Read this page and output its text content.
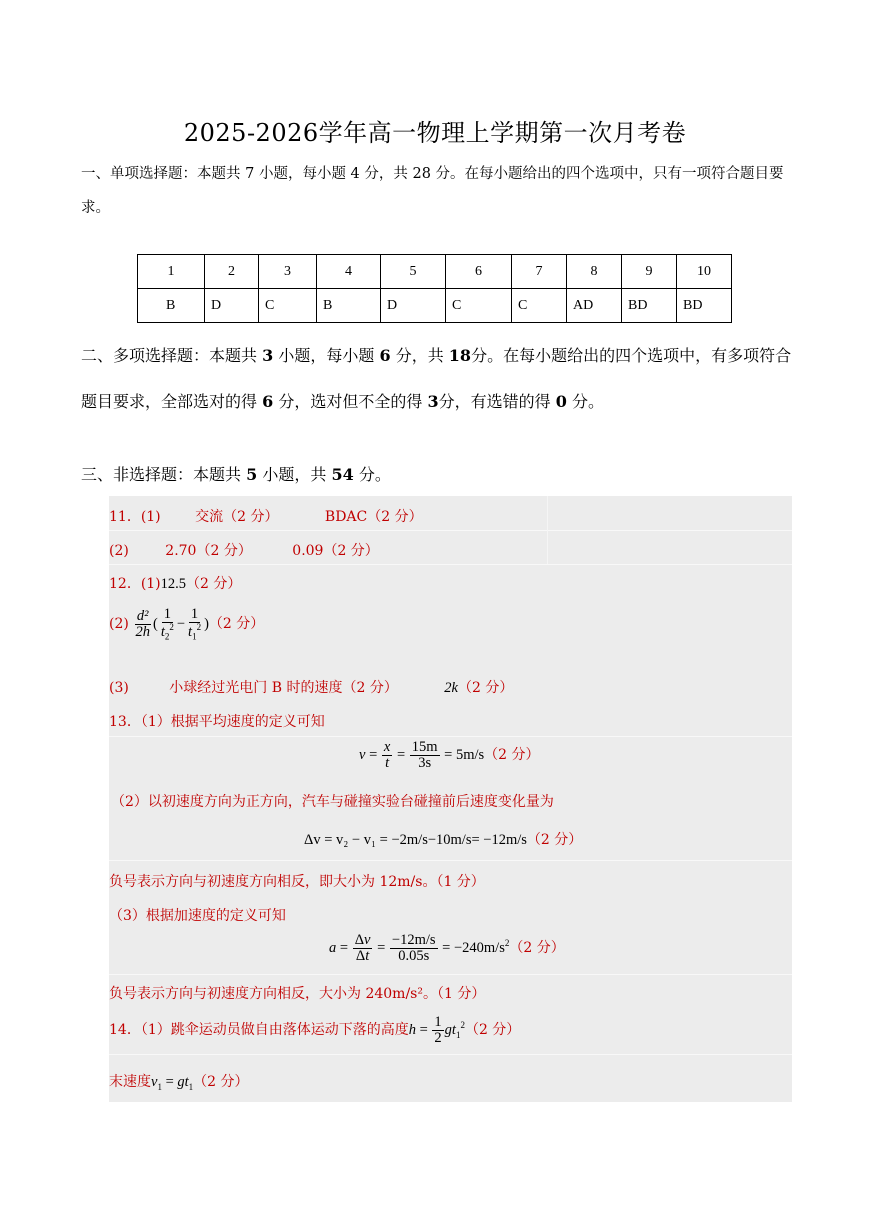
2025-2026学年高一物理上学期第一次月考卷
一、单项选择题：本题共 7 小题，每小题 4 分，共 28 分。在每小题给出的四个选项中，只有一项符合题目要求。
1	2	3	4	5	6	7	8	9	10
B	D	C	B	D	C	C	AD	BD	BD
二、多项选择题：本题共 3 小题，每小题 6 分，共 18分。在每小题给出的四个选项中，有多项符合题目要求，全部选对的得 6 分，选对但不全的得 3分，有选错的得 0 分。
三、非选择题：本题共 5 小题，共 54 分。
11．(1) 交流（2 分）	BDAC（2 分）
(2)	2.70（2 分）	0.09（2 分）
12．(1)12.5（2 分）
$(2) \frac{\text{d²}}{2h}$ ( $\frac{1}{t_2^2} - \frac{1}{t_1^2} )(2$ 分）
(3)	小球经过光电门 B 时的速度（2 分）	2k（2 分）
13．（1）根据平均速度的定义可知
$v = \frac{x}{t} = \frac{15m}{3s} = 5m/s(2$ 分）
（2）以初速度方向为正方向，汽车与碰撞实验台碰撞前后速度变化量为
Δv = v₂ − v₁ = −2m/s−10m/s= −12m/s（2 分）
负号表示方向与初速度方向相反，即大小为 12m/s。（1 分）
（3）根据加速度的定义可知
$a = \frac{\Delta v}{\Delta t} = \frac{-12m/s}{0.05s} = -240m/s^2(2$ 分）
负号表示方向与初速度方向相反，大小为 240m/s²。（1 分）
14．（1）跳伞运动员做自由落体运动下落的高度$h = \frac{1}{2} gt_1^2(2$ 分）
末速度$v_1 = gt_1(2$ 分）
